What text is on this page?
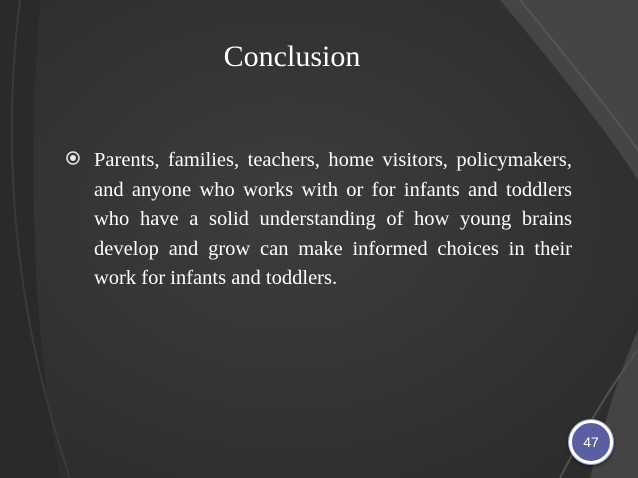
Conclusion
Parents, families, teachers, home visitors, policymakers, and anyone who works with or for infants and toddlers who have a solid understanding of how young brains develop and grow can make informed choices in their work for infants and toddlers.
47
